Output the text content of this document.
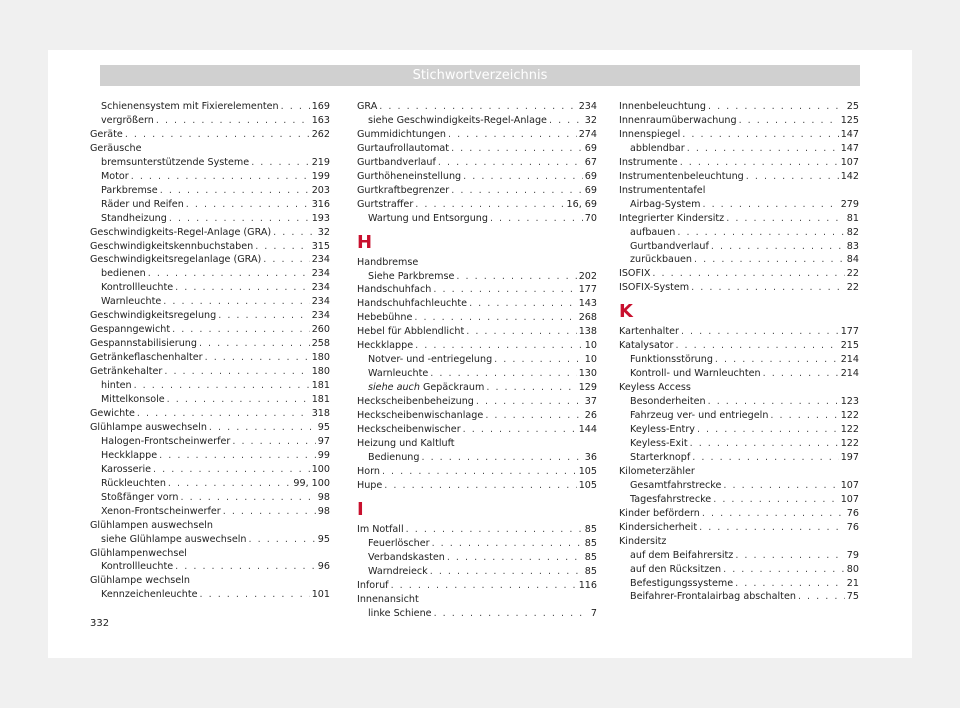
Stichwortverzeichnis
Schienensystem mit Fixierelementen . . .	169
vergrößern . . .	163
Geräte . . .	262
Geräusche
bremsunterstützende Systeme . . .	219
Motor . . .	199
Parkbremse . . .	203
Räder und Reifen . . .	316
Standheizung . . .	193
Geschwindigkeits-Regel-Anlage (GRA) . . .	32
Geschwindigkeitskennbuchstaben . . .	315
Geschwindigkeitsregelanlage (GRA) . . .	234
bedienen . . .	234
Kontrollleuchte . . .	234
Warnleuchte . . .	234
Geschwindigkeitsregelung . . .	234
Gespanngewicht . . .	260
Gespannstabilisierung . . .	258
Getränkeflaschenhalter . . .	180
Getränkehalter . . .	180
hinten . . .	181
Mittelkonsole . . .	181
Gewichte . . .	318
Glühlampe auswechseln . . .	95
Halogen-Frontscheinwerfer . . .	97
Heckklappe . . .	99
Karosserie . . .	100
Rückleuchten . . .	99, 100
Stoßfänger vorn . . .	98
Xenon-Frontscheinwerfer . . .	98
Glühlampen auswechseln
siehe Glühlampe auswechseln . . .	95
Glühlampenwechsel
Kontrollleuchte . . .	96
Glühlampe wechseln
Kennzeichenleuchte . . .	101
GRA . . .	234
siehe Geschwindigkeits-Regel-Anlage . . .	32
Gummidichtungen . . .	274
Gurtaufrollautomat . . .	69
Gurtbandverlauf . . .	67
Gurthöheneinstellung . . .	69
Gurtkraftbegrenzer . . .	69
Gurtstraffer . . .	16, 69
Wartung und Entsorgung . . .	70
H
Handbremse
Siehe Parkbremse . . .	202
Handschuhfach . . .	177
Handschuhfachleuchte . . .	143
Hebebühne . . .	268
Hebel für Abblendlicht . . .	138
Heckklappe . . .	10
Notver- und -entriegelung . . .	10
Warnleuchte . . .	130
siehe auch Gepäckraum . . .	129
Heckscheibenbeheizung . . .	37
Heckscheibenwischanlage . . .	26
Heckscheibenwischer . . .	144
Heizung und Kaltluft
Bedienung . . .	36
Horn . . .	105
Hupe . . .	105
I
Im Notfall . . .	85
Feuerlöscher . . .	85
Verbandskasten . . .	85
Warndreieck . . .	85
Inforuf . . .	116
Innenansicht
linke Schiene . . .	7
Innenbeleuchtung . . .	25
Innenraumüberwachung . . .	125
Innenspiegel . . .	147
abblendbar . . .	147
Instrumente . . .	107
Instrumentenbeleuchtung . . .	142
Instrumententafel
Airbag-System . . .	279
Integrierter Kindersitz . . .	81
aufbauen . . .	82
Gurtbandverlauf . . .	83
zurückbauen . . .	84
ISOFIX . . .	22
ISOFIX-System . . .	22
K
Kartenhalter . . .	177
Katalysator . . .	215
Funktionsstörung . . .	214
Kontroll- und Warnleuchten . . .	214
Keyless Access
Besonderheiten . . .	123
Fahrzeug ver- und entriegeln . . .	122
Keyless-Entry . . .	122
Keyless-Exit . . .	122
Starterknopf . . .	197
Kilometerzähler
Gesamtfahrstrecke . . .	107
Tagesfahrstrecke . . .	107
Kinder befördern . . .	76
Kindersicherheit . . .	76
Kindersitz
auf dem Beifahrersitz . . .	79
auf den Rücksitzen . . .	80
Befestigungssysteme . . .	21
Beifahrer-Frontalairbag abschalten . . .	75
332
